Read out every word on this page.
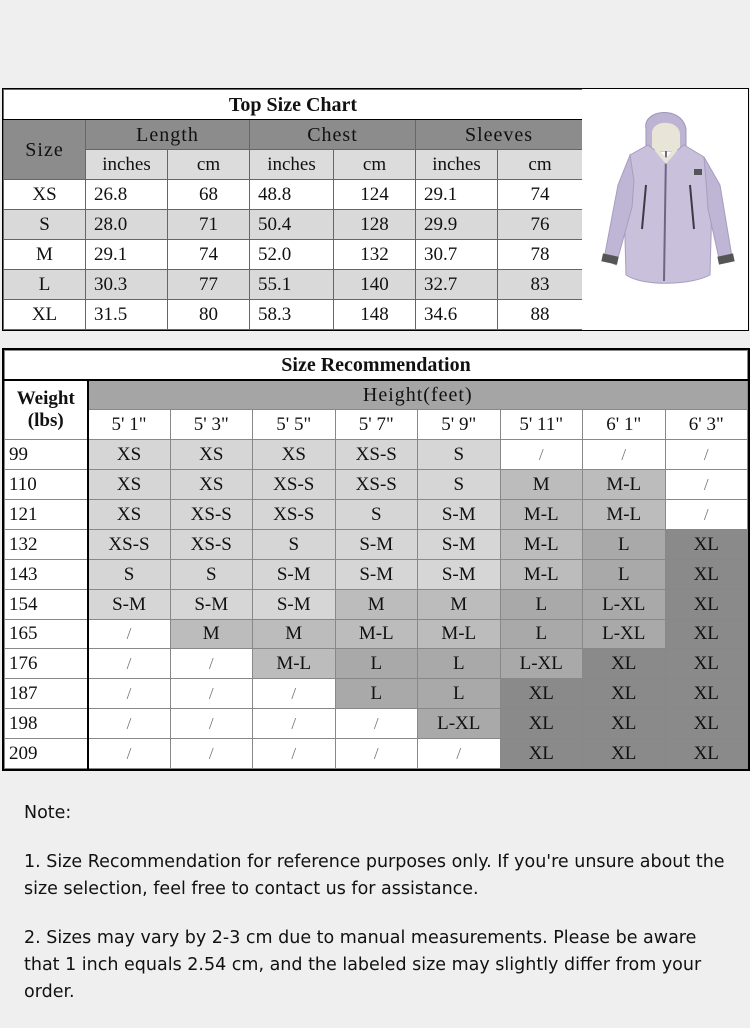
Top Size Chart						
Size	Length		Chest		Sleeves	
	inches	cm	inches	cm	inches	cm
XS	26.8	68	48.8	124	29.1	74
S	28.0	71	50.4	128	29.9	76
M	29.1	74	52.0	132	30.7	78
L	30.3	77	55.1	140	32.7	83
XL	31.5	80	58.3	148	34.6	88
Size Recommendation								

Weight
(lbs)	Height(feet)							
	5' 1"	5' 3"	5' 5"	5' 7"	5' 9"	5' 11"	6' 1"	6' 3"
99	XS	XS	XS	XS-S	S	/	/	/
110	XS	XS	XS-S	XS-S	S	M	M-L	/
121	XS	XS-S	XS-S	S	S-M	M-L	M-L	/
132	XS-S	XS-S	S	S-M	S-M	M-L	L	XL
143	S	S	S-M	S-M	S-M	M-L	L	XL
154	S-M	S-M	S-M	M	M	L	L-XL	XL
165	/	M	M	M-L	M-L	L	L-XL	XL
176	/	/	M-L	L	L	L-XL	XL	XL
187	/	/	/	L	L	XL	XL	XL
198	/	/	/	/	L-XL	XL	XL	XL
209	/	/	/	/	/	XL	XL	XL

Note:

1. Size Recommendation for reference purposes only. If you're unsure about the size selection, feel free to contact us for assistance.

2. Sizes may vary by 2-3 cm due to manual measurements. Please be aware that 1 inch equals 2.54 cm, and the labeled size may slightly differ from your order.
